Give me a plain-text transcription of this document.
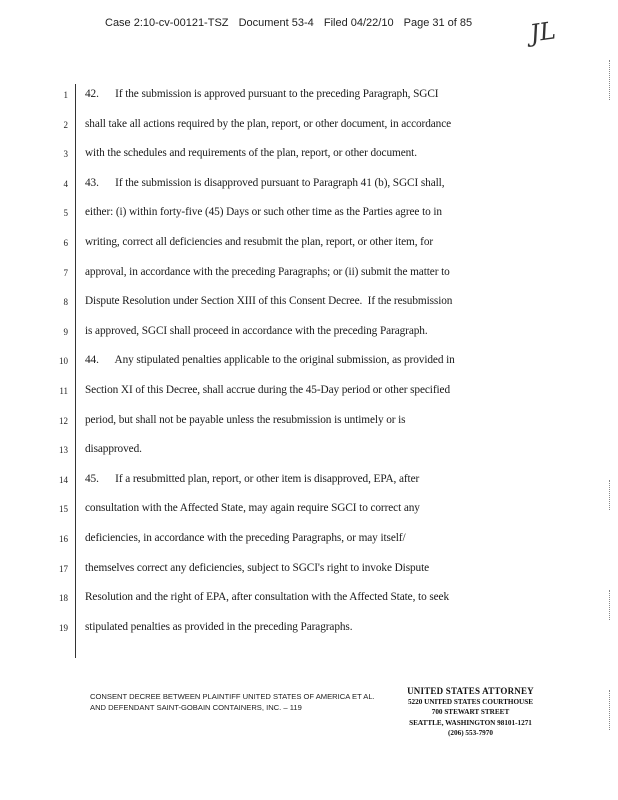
Case 2:10-cv-00121-TSZ Document 53-4 Filed 04/22/10 Page 31 of 85 JL
1
2
3
4
5
6
7
8
9
10
11
12
13
14
15
16
17
18
19
42.      If the submission is approved pursuant to the preceding Paragraph, SGCI
shall take all actions required by the plan, report, or other document, in accordance
with the schedules and requirements of the plan, report, or other document.
43.      If the submission is disapproved pursuant to Paragraph 41 (b), SGCI shall,
either: (i) within forty-five (45) Days or such other time as the Parties agree to in
writing, correct all deficiencies and resubmit the plan, report, or other item, for
approval, in accordance with the preceding Paragraphs; or (ii) submit the matter to
Dispute Resolution under Section XIII of this Consent Decree.  If the resubmission
is approved, SGCI shall proceed in accordance with the preceding Paragraph.
44.      Any stipulated penalties applicable to the original submission, as provided in
Section XI of this Decree, shall accrue during the 45-Day period or other specified
period, but shall not be payable unless the resubmission is untimely or is
disapproved.
45.      If a resubmitted plan, report, or other item is disapproved, EPA, after
consultation with the Affected State, may again require SGCI to correct any
deficiencies, in accordance with the preceding Paragraphs, or may itself/
themselves correct any deficiencies, subject to SGCI's right to invoke Dispute
Resolution and the right of EPA, after consultation with the Affected State, to seek
stipulated penalties as provided in the preceding Paragraphs.
CONSENT DECREE BETWEEN PLAINTIFF UNITED STATES OF AMERICA ET AL.
AND DEFENDANT SAINT-GOBAIN CONTAINERS, INC. – 119
UNITED STATES ATTORNEY
5220 UNITED STATES COURTHOUSE
700 STEWART STREET
SEATTLE, WASHINGTON 98101-1271
(206) 553-7970
